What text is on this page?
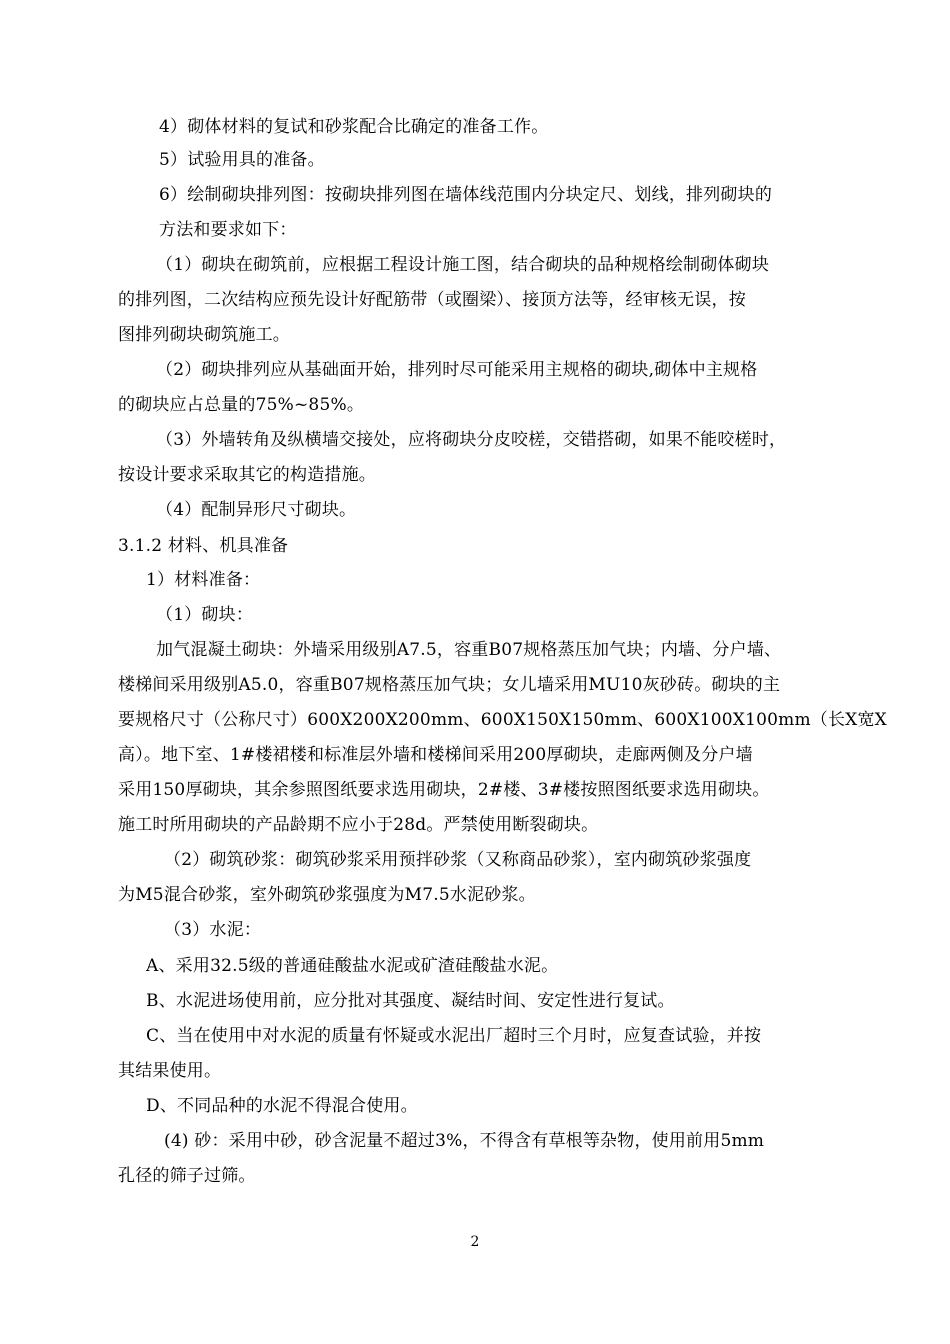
4）砌体材料的复试和砂浆配合比确定的准备工作。
5）试验用具的准备。
6）绘制砌块排列图：按砌块排列图在墙体线范围内分块定尺、划线，排列砌块的
方法和要求如下：
（1）砌块在砌筑前，应根据工程设计施工图，结合砌块的品种规格绘制砌体砌块
的排列图，二次结构应预先设计好配筋带（或圈梁）、接顶方法等，经审核无误，按
图排列砌块砌筑施工。
（2）砌块排列应从基础面开始，排列时尽可能采用主规格的砌块,砌体中主规格
的砌块应占总量的75%~85%。
（3）外墙转角及纵横墙交接处，应将砌块分皮咬槎，交错搭砌，如果不能咬槎时，
按设计要求采取其它的构造措施。
（4）配制异形尺寸砌块。
3.1.2 材料、机具准备
1）材料准备：
（1）砌块：
加气混凝土砌块：外墙采用级别A7.5，容重B07规格蒸压加气块；内墙、分户墙、
楼梯间采用级别A5.0，容重B07规格蒸压加气块；女儿墙采用MU10灰砂砖。砌块的主
要规格尺寸（公称尺寸）600X200X200mm、600X150X150mm、600X100X100mm（长X宽X
高）。地下室、1#楼裙楼和标准层外墙和楼梯间采用200厚砌块，走廊两侧及分户墙
采用150厚砌块，其余参照图纸要求选用砌块，2#楼、3#楼按照图纸要求选用砌块。
施工时所用砌块的产品龄期不应小于28d。严禁使用断裂砌块。
（2）砌筑砂浆：砌筑砂浆采用预拌砂浆（又称商品砂浆），室内砌筑砂浆强度
为M5混合砂浆，室外砌筑砂浆强度为M7.5水泥砂浆。
（3）水泥：
A、采用32.5级的普通硅酸盐水泥或矿渣硅酸盐水泥。
B、水泥进场使用前，应分批对其强度、凝结时间、安定性进行复试。
C、当在使用中对水泥的质量有怀疑或水泥出厂超时三个月时，应复查试验，并按
其结果使用。
D、不同品种的水泥不得混合使用。
(4) 砂：采用中砂，砂含泥量不超过3%，不得含有草根等杂物，使用前用5mm
孔径的筛子过筛。
2
